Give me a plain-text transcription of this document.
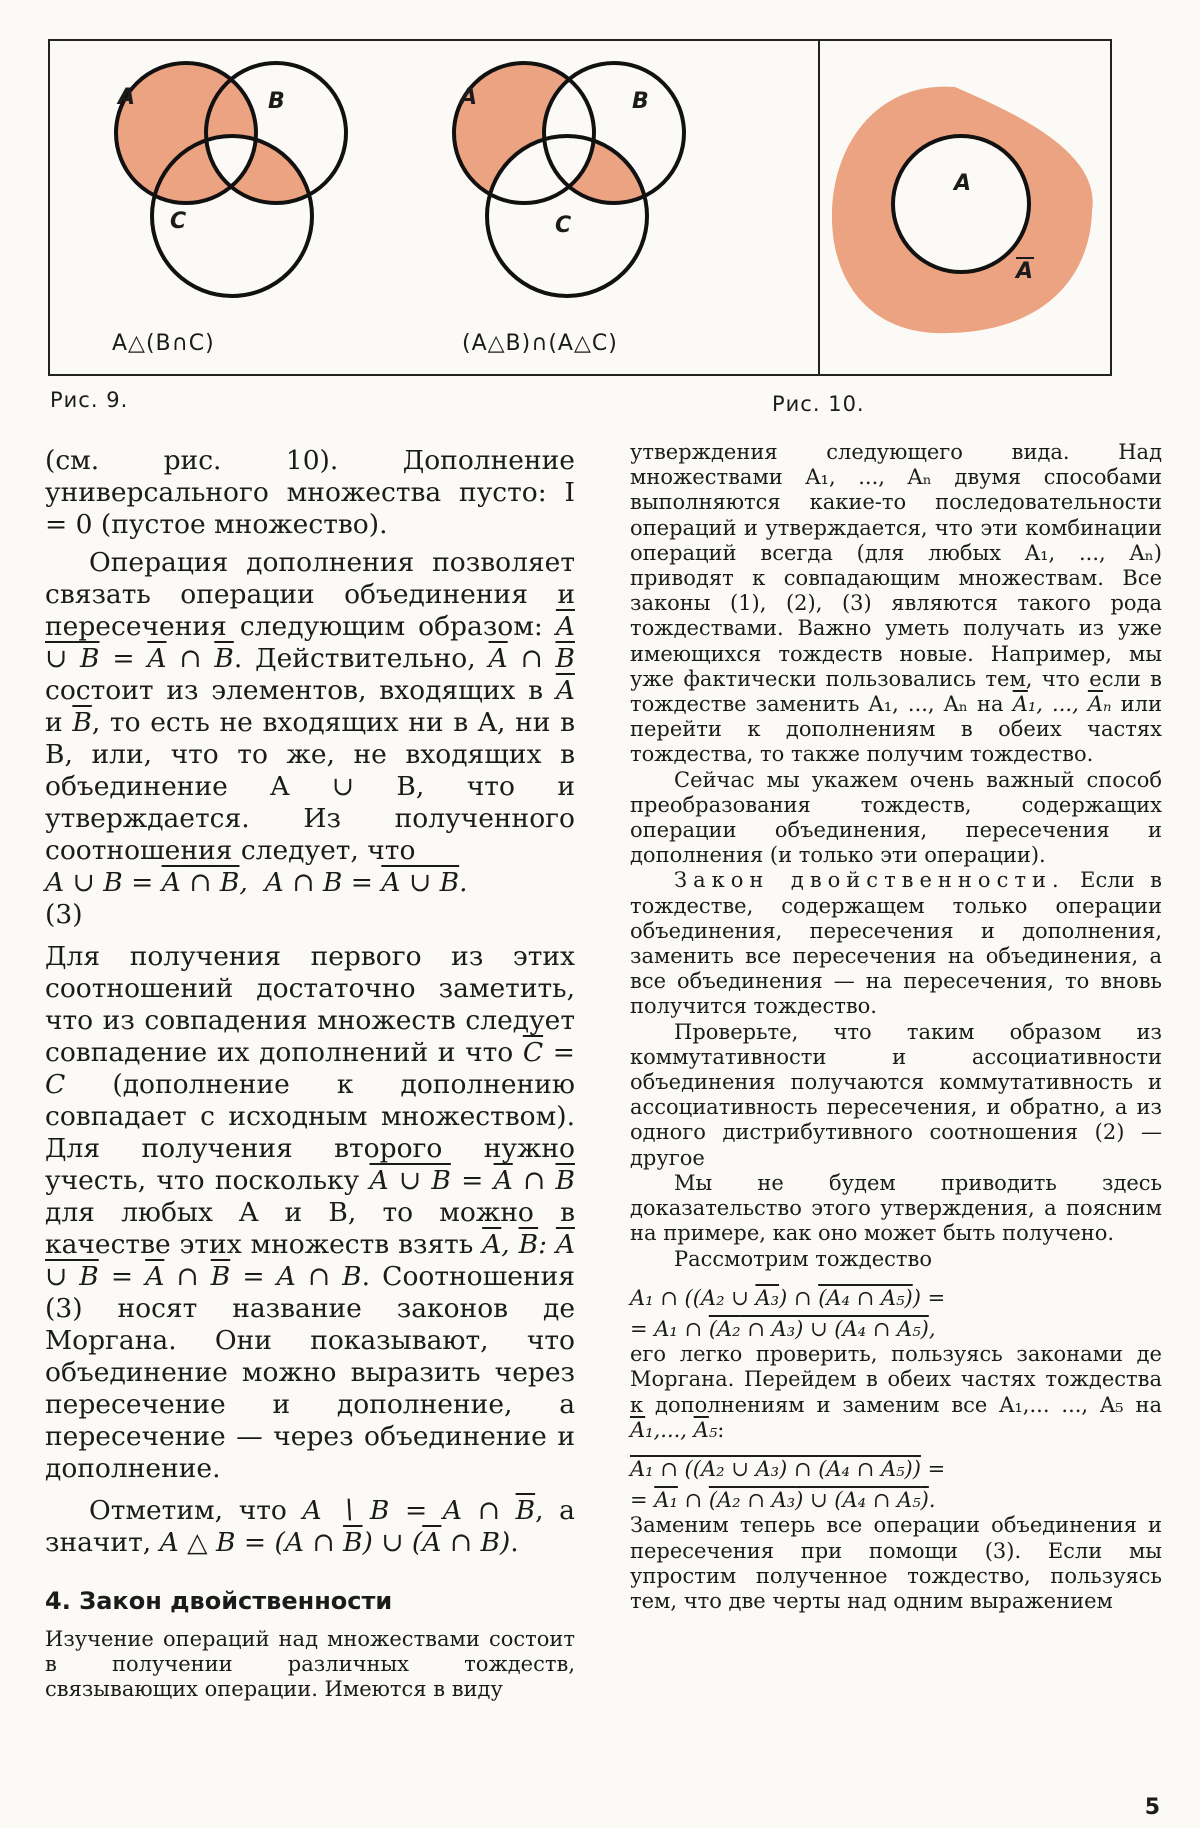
A	B
C
A	B
C
A
$\overline{A}$
A△(B∩C)	(A△B)∩(A△C)
Рис. 9.	Рис. 10.

(см. рис. 10). Дополнение универсального множества пусто: I = 0 (пустое множество).

Операция дополнения позволяет связать операции объединения и пересечения следующим образом: A ∪ $B = \overline{A}$ ∩ $\overline{B}$. Действительно, $\overline{A}$ ∩ $\overline{B}$ состоит из элементов, входящих в $\overline{A}$ и $\overline{B}$, то есть не входящих ни в A, ни в B, или, что то же, не входящих в объединение A ∪ B, что и утверждается. Из полученного соотношения следует, что

A ∪ B = A ∩ B,  A ∩ B = A ∪ B.

(3)

Для получения первого из этих соотношений достаточно заметить, что из совпадения множеств следует совпадение их дополнений и что $\overline{C} = C$ (дополнение к дополнению совпадает с исходным множеством). Для получения второго нужно учесть, что поскольку A ∪ $B = \overline{A}$ ∩ $\overline{B}$ для любых A и B, то можно в качестве этих множеств взять $\overline{A}$, $\overline{B}$: A ∪ $B = \overline{A}$ ∩ $\overline{B} = A$ ∩ B. Соотношения (3) носят название законов де Моргана. Они показывают, что объединение можно выразить через пересечение и дополнение, а пересечение — через объединение и дополнение.

Отметим, что A ∖ B = A ∩ $\overline{B}$, а значит, A △ B = (A ∩ $\overline{B}$) ∪ ($\overline{A}$ ∩ B).

4. Закон двойственности

Изучение операций над множествами состоит в получении различных тождеств, связывающих операции. Имеются в виду

утверждения следующего вида. Над множествами A₁, ..., Aₙ двумя способами выполняются какие-то последовательности операций и утверждается, что эти комбинации операций всегда (для любых A₁, ..., Aₙ) приводят к совпадающим множествам. Все законы (1), (2), (3) являются такого рода тождествами. Важно уметь получать из уже имеющихся тождеств новые. Например, мы уже фактически пользовались тем, что если в тождестве заменить A₁, ..., Aₙ на $\overline{A}_1$, ..., $\overline{A}_n$ или перейти к дополнениям в обеих частях тождества, то также получим тождество.

Сейчас мы укажем очень важный способ преобразования тождеств, содержащих операции объединения, пересечения и дополнения (и только эти операции).

Закон двойственности. Если в тождестве, содержащем только операции объединения, пересечения и дополнения, заменить все пересечения на объединения, а все объединения — на пересечения, то вновь получится тождество.

Проверьте, что таким образом из коммутативности и ассоциативности объединения получаются коммутативность и ассоциативность пересечения, и обратно, а из одного дистрибутивного соотношения (2) — другое

Мы не будем приводить здесь доказательство этого утверждения, а поясним на примере, как оно может быть получено.

Рассмотрим тождество

A₁ ∩ ((A₂ ∪ A₃) ∩ (A₄ ∩ A₅)) =

= A₁ ∩ (A₂ ∩ A₃) ∪ (A₄ ∩ A₅),

его легко проверить, пользуясь законами де Моргана. Перейдем в обеих частях тождества к дополнениям и заменим все A₁,... ..., A₅ на $\overline{A}_1$,..., $\overline{A}_5$:

A₁ ∩ ((A₂ ∪ A₃) ∩ (A₄ ∩ A₅)) =

= A₁ ∩ (A₂ ∩ A₃) ∪ (A₄ ∩ A₅).

Заменим теперь все операции объединения и пересечения при помощи (3). Если мы упростим полученное тождество, пользуясь тем, что две черты над одним выражением

5
